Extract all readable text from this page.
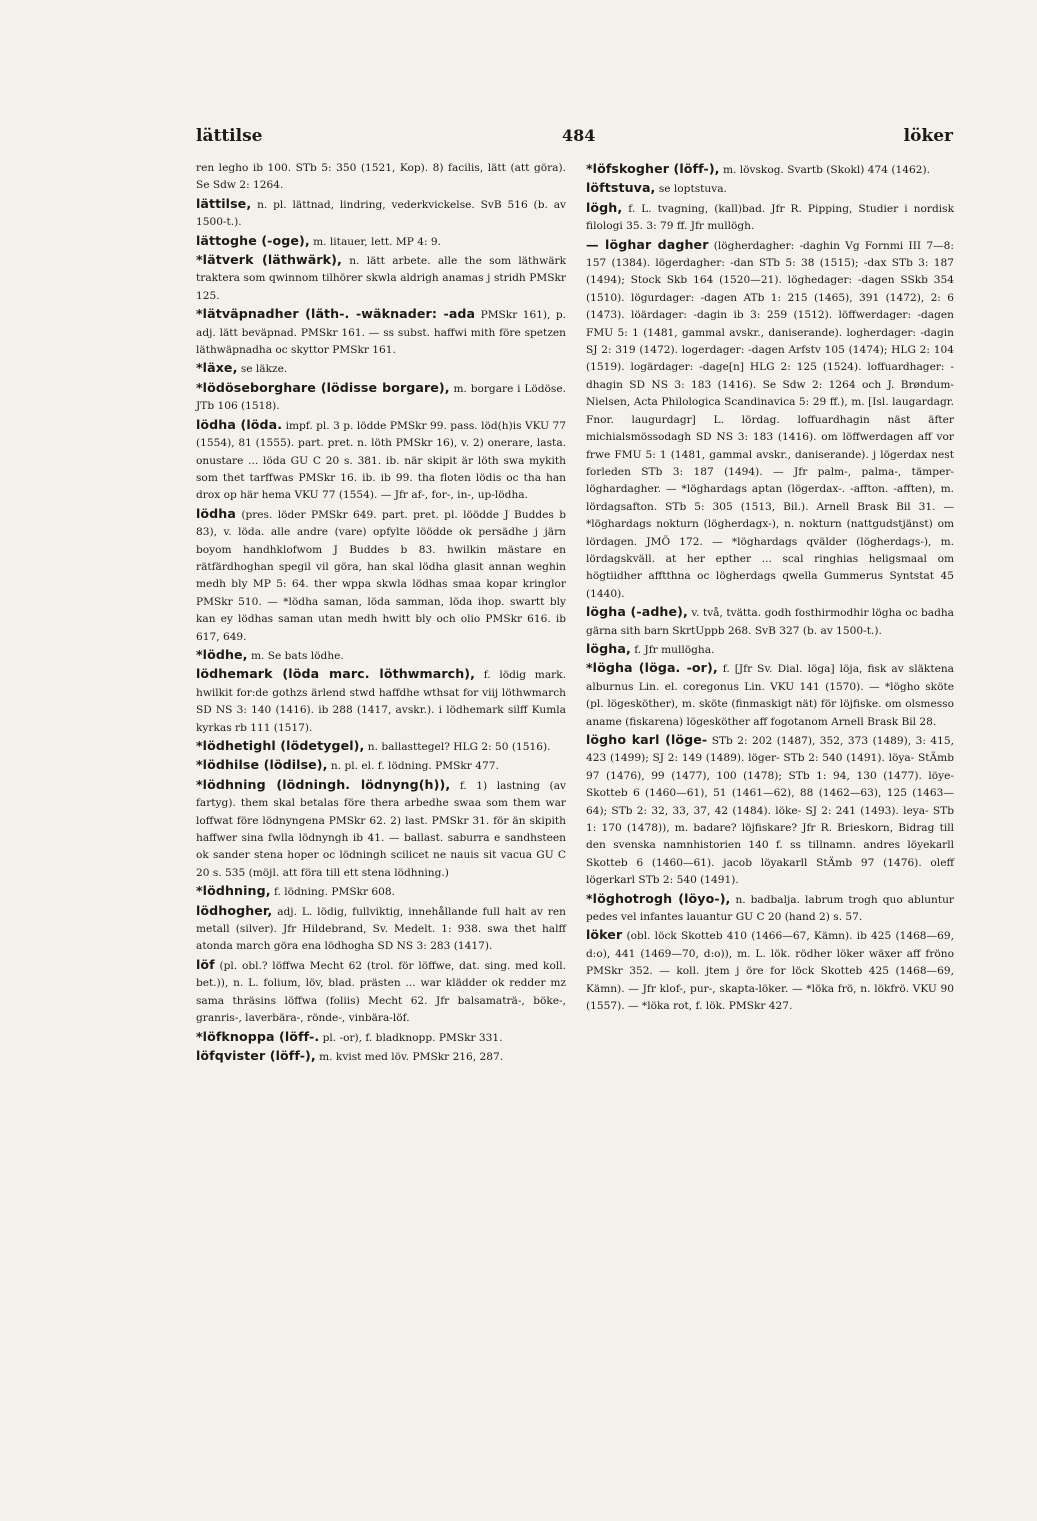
lättilse	484	löker

ren legho ib 100. STb 5: 350 (1521, Kop). 8) facilis, lätt (att göra). Se Sdw 2: 1264.

lättilse, n. pl. lättnad, lindring, vederkvickelse. SvB 516 (b. av 1500-t.).

lättoghe (-oge), m. litauer, lett. MP 4: 9.

*lätverk (läthwärk), n. lätt arbete. alle the som läthwärk traktera som qwinnom tilhörer skwla aldrigh anamas j stridh PMSkr 125.

*lätväpnadher (läth-. -wäknader: -ada PMSkr 161), p. adj. lätt beväpnad. PMSkr 161. — ss subst. haffwi mith före spetzen läthwäpnadha oc skyttor PMSkr 161.

*läxe, se läkze.

*lödöseborghare (lödisse borgare), m. borgare i Lödöse. JTb 106 (1518).

lödha (löda. impf. pl. 3 p. lödde PMSkr 99. pass. löd(h)is VKU 77 (1554), 81 (1555). part. pret. n. löth PMSkr 16), v. 2) onerare, lasta. onustare ... löda GU C 20 s. 381. ib. när skipit är löth swa mykith som thet tarffwas PMSkr 16. ib. ib 99. tha floten lödis oc tha han drox op här hema VKU 77 (1554). — Jfr af-, for-, in-, up-lödha.

lödha (pres. löder PMSkr 649. part. pret. pl. löödde J Buddes b 83), v. löda. alle andre (vare) opfylte löödde ok persädhe j järn boyom handhklofwom J Buddes b 83. hwilkin mästare en rätfärdhoghan spegil vil göra, han skal lödha glasit annan weghin medh bly MP 5: 64. ther wppa skwla lödhas smaa kopar kringlor PMSkr 510. — *lödha saman, löda samman, löda ihop. swartt bly kan ey lödhas saman utan medh hwitt bly och olio PMSkr 616. ib 617, 649.

*lödhe, m. Se bats lödhe.

lödhemark (löda marc. löthwmarch), f. lödig mark. hwilkit for:de gothzs ärlend stwd haffdhe wthsat for viij löthwmarch SD NS 3: 140 (1416). ib 288 (1417, avskr.). i lödhemark silff Kumla kyrkas rb 111 (1517).

*lödhetighl (lödetygel), n. ballasttegel? HLG 2: 50 (1516).

*lödhilse (lödilse), n. pl. el. f. lödning. PMSkr 477.

*lödhning (lödningh. lödnyng(h)), f. 1) lastning (av fartyg). them skal betalas före thera arbedhe swaa som them war loffwat före lödnyngena PMSkr 62. 2) last. PMSkr 31. för än skipith haffwer sina fwlla lödnyngh ib 41. — ballast. saburra e sandhsteen ok sander stena hoper oc lödningh scilicet ne nauis sit vacua GU C 20 s. 535 (möjl. att föra till ett stena lödhning.)

*lödhning, f. lödning. PMSkr 608.

lödhogher, adj. L. lödig, fullviktig, innehållande full halt av ren metall (silver). Jfr Hildebrand, Sv. Medelt. 1: 938. swa thet halff atonda march göra ena lödhogha SD NS 3: 283 (1417).

löf (pl. obl.? löffwa Mecht 62 (trol. för löffwe, dat. sing. med koll. bet.)), n. L. folium, löv, blad. prästen ... war klädder ok redder mz sama thräsins löffwa (foliis) Mecht 62. Jfr balsamaträ-, böke-, granris-, laverbära-, rönde-, vinbära-löf.

*löfknoppa (löff-. pl. -or), f. bladknopp. PMSkr 331.

löfqvister (löff-), m. kvist med löv. PMSkr 216, 287.

*löfskogher (löff-), m. lövskog. Svartb (Skokl) 474 (1462).

löftstuva, se loptstuva.

lögh, f. L. tvagning, (kall)bad. Jfr R. Pipping, Studier i nordisk filologi 35. 3: 79 ff. Jfr mullögh.

— löghar dagher (lögherdagher: -daghin Vg Fornmi III 7—8: 157 (1384). lögerdagher: -dan STb 5: 38 (1515); -dax STb 3: 187 (1494); Stock Skb 164 (1520—21). löghedager: -dagen SSkb 354 (1510). lögurdager: -dagen ATb 1: 215 (1465), 391 (1472), 2: 6 (1473). löärdager: -dagin ib 3: 259 (1512). löffwerdager: -dagen FMU 5: 1 (1481, gammal avskr., daniserande). logherdager: -dagin SJ 2: 319 (1472). logerdager: -dagen Arfstv 105 (1474); HLG 2: 104 (1519). logärdager: -dage[n] HLG 2: 125 (1524). loffuardhager: -dhagin SD NS 3: 183 (1416). Se Sdw 2: 1264 och J. Brøndum-Nielsen, Acta Philologica Scandinavica 5: 29 ff.), m. [Isl. laugardagr. Fnor. laugurdagr] L. lördag. loffuardhagin näst äfter michialsmössodagh SD NS 3: 183 (1416). om löffwerdagen aff vor frwe FMU 5: 1 (1481, gammal avskr., daniserande). j lögerdax nest forleden STb 3: 187 (1494). — Jfr palm-, palma-, tämper-löghardagher. — *löghardags aptan (lögerdax-. -affton. -afften), m. lördagsafton. STb 5: 305 (1513, Bil.). Arnell Brask Bil 31. — *löghardags nokturn (lögherdagx-), n. nokturn (nattgudstjänst) om lördagen. JMÖ 172. — *löghardags qvälder (lögherdags-), m. lördagskväll. at her epther ... scal ringhias heligsmaal om högtiidher afftthna oc lögherdags qwella Gummerus Syntstat 45 (1440).

lögha (-adhe), v. två, tvätta. godh fosthirmodhir lögha oc badha gärna sith barn SkrtUppb 268. SvB 327 (b. av 1500-t.).

lögha, f. Jfr mullögha.

*lögha (löga. -or), f. [Jfr Sv. Dial. löga] löja, fisk av släktena alburnus Lin. el. coregonus Lin. VKU 141 (1570). — *lögho sköte (pl. lögesköther), m. sköte (finmaskigt nät) för löjfiske. om olsmesso aname (fiskarena) lögesköther aff fogotanom Arnell Brask Bil 28.

lögho karl (löge- STb 2: 202 (1487), 352, 373 (1489), 3: 415, 423 (1499); SJ 2: 149 (1489). löger- STb 2: 540 (1491). löya- StÄmb 97 (1476), 99 (1477), 100 (1478); STb 1: 94, 130 (1477). löye- Skotteb 6 (1460—61), 51 (1461—62), 88 (1462—63), 125 (1463—64); STb 2: 32, 33, 37, 42 (1484). löke- SJ 2: 241 (1493). leya- STb 1: 170 (1478)), m. badare? löjfiskare? Jfr R. Brieskorn, Bidrag till den svenska namnhistorien 140 f. ss tillnamn. andres löyekarll Skotteb 6 (1460—61). jacob löyakarll StÄmb 97 (1476). oleff lögerkarl STb 2: 540 (1491).

*löghotrogh (löyo-), n. badbalja. labrum trogh quo abluntur pedes vel infantes lauantur GU C 20 (hand 2) s. 57.

löker (obl. löck Skotteb 410 (1466—67, Kämn). ib 425 (1468—69, d:o), 441 (1469—70, d:o)), m. L. lök. rödher löker wäxer aff fröno PMSkr 352. — koll. jtem j öre for löck Skotteb 425 (1468—69, Kämn). — Jfr klof-, pur-, skapta-löker. — *löka frö, n. lökfrö. VKU 90 (1557). — *löka rot, f. lök. PMSkr 427.
